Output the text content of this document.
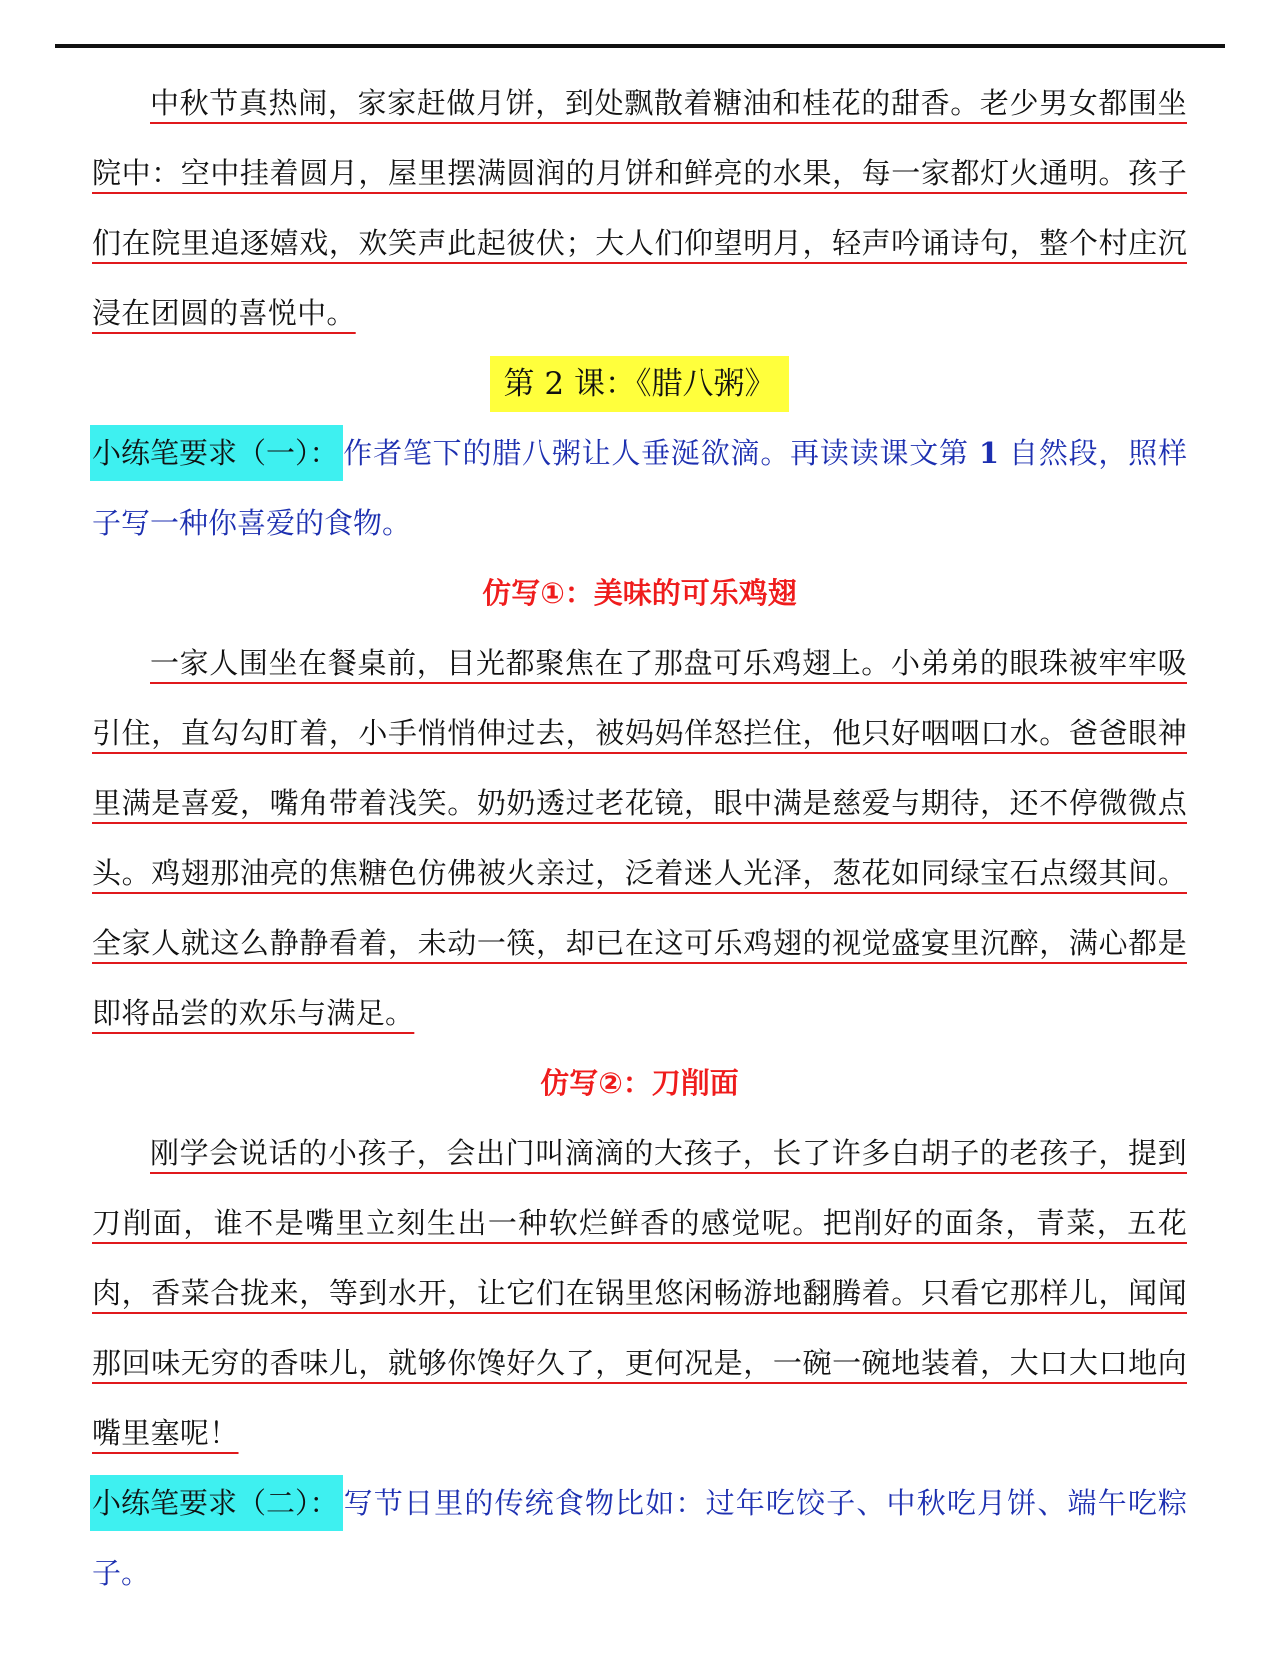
中秋节真热闹，家家赶做月饼，到处飘散着糖油和桂花的甜香。老少男女都围坐院中：空中挂着圆月，屋里摆满圆润的月饼和鲜亮的水果，每一家都灯火通明。孩子们在院里追逐嬉戏，欢笑声此起彼伏；大人们仰望明月，轻声吟诵诗句，整个村庄沉浸在团圆的喜悦中。

第 2 课：《腊八粥》

小练笔要求（一）： 作者笔下的腊八粥让人垂涎欲滴。再读读课文第 1 自然段，照样子写一种你喜爱的食物。

仿写①：美味的可乐鸡翅

一家人围坐在餐桌前，目光都聚焦在了那盘可乐鸡翅上。小弟弟的眼珠被牢牢吸引住，直勾勾盯着，小手悄悄伸过去，被妈妈佯怒拦住，他只好咽咽口水。爸爸眼神里满是喜爱，嘴角带着浅笑。奶奶透过老花镜，眼中满是慈爱与期待，还不停微微点头。鸡翅那油亮的焦糖色仿佛被火亲过，泛着迷人光泽，葱花如同绿宝石点缀其间。全家人就这么静静看着，未动一筷，却已在这可乐鸡翅的视觉盛宴里沉醉，满心都是即将品尝的欢乐与满足。

仿写②：刀削面

刚学会说话的小孩子，会出门叫滴滴的大孩子，长了许多白胡子的老孩子，提到刀削面，谁不是嘴里立刻生出一种软烂鲜香的感觉呢。把削好的面条，青菜，五花肉，香菜合拢来，等到水开，让它们在锅里悠闲畅游地翻腾着。只看它那样儿，闻闻那回味无穷的香味儿，就够你馋好久了，更何况是，一碗一碗地装着，大口大口地向嘴里塞呢！

小练笔要求（二）： 写节日里的传统食物比如：过年吃饺子、中秋吃月饼、端午吃粽子。
